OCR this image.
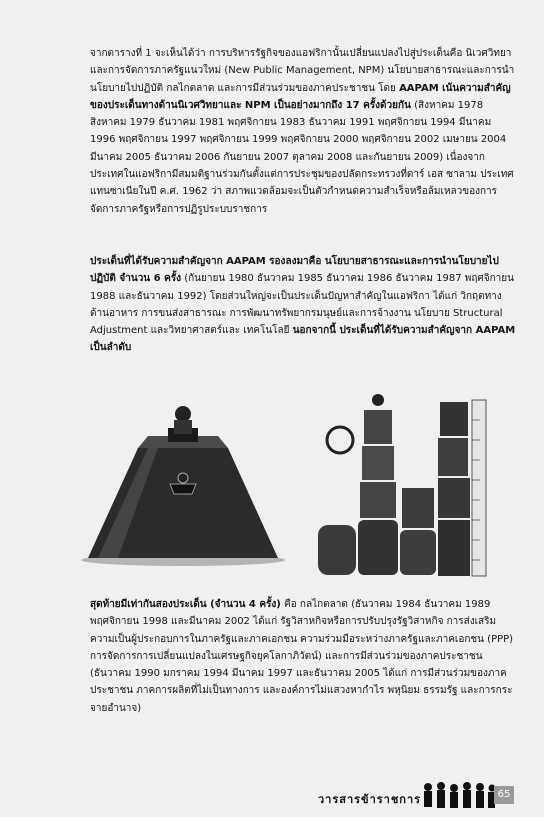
จากตารางที่ 1 จะเห็นได้ว่า การบริหารรัฐกิจของแอฟริกานั้นเปลี่ยนแปลงไปสู่ประเด็นคือ นิเวศวิทยาและการจัดการภาครัฐแนวใหม่ (New Public Management, NPM) นโยบายสาธารณะและการนำนโยบายไปปฏิบัติ กลไกตลาด และการมีส่วนร่วมของภาคประชาชน โดย AAPAM เน้นความสำคัญของประเด็นทางด้านนิเวศวิทยาและ NPM เป็นอย่างมากถึง 17 ครั้งด้วยกัน (สิงหาคม 1978 สิงหาคม 1979 ธันวาคม 1981 พฤศจิกายน 1983 ธันวาคม 1991 พฤศจิกายน 1994 มีนาคม 1996 พฤศจิกายน 1997 พฤศจิกายน 1999 พฤศจิกายน 2000 พฤศจิกายน 2002 เมษายน 2004 มีนาคม 2005 ธันวาคม 2006 กันยายน 2007 ตุลาคม 2008 และกันยายน 2009) เนื่องจากประเทศในแอฟริกามีสมมติฐานร่วมกันตั้งแต่การประชุมของปลัดกระทรวงที่ดาร์ เอส ซาลาม ประเทศแทนซาเนียในปี ค.ศ. 1962 ว่า สภาพแวดล้อมจะเป็นตัวกำหนดความสำเร็จหรือล้มเหลวของการจัดการภาครัฐหรือการปฏิรูประบบราชการ

ประเด็นที่ได้รับความสำคัญจาก AAPAM รองลงมาคือ นโยบายสาธารณะและการนำนโยบายไปปฏิบัติ จำนวน 6 ครั้ง (กันยายน 1980 ธันวาคม 1985 ธันวาคม 1986 ธันวาคม 1987 พฤศจิกายน 1988 และธันวาคม 1992) โดยส่วนใหญ่จะเป็นประเด็นปัญหาสำคัญในแอฟริกา ได้แก่ วิกฤตทางด้านอาหาร การขนส่งสาธารณะ การพัฒนาทรัพยากรมนุษย์และการจ้างงาน นโยบาย Structural Adjustment และวิทยาศาสตร์และ เทคโนโลยี นอกจากนี้ ประเด็นที่ได้รับความสำคัญจาก AAPAM เป็นลำดับ

สุดท้ายมีเท่ากันสองประเด็น (จำนวน 4 ครั้ง) คือ กลไกตลาด (ธันวาคม 1984 ธันวาคม 1989 พฤศจิกายน 1998 และมีนาคม 2002 ได้แก่ รัฐวิสาหกิจหรือการปรับปรุงรัฐวิสาหกิจ การส่งเสริมความเป็นผู้ประกอบการในภาครัฐและภาคเอกชน ความร่วมมือระหว่างภาครัฐและภาคเอกชน (PPP) การจัดการการเปลี่ยนแปลงในเศรษฐกิจยุคโลกาภิวัตน์) และการมีส่วนร่วมของภาคประชาชน (ธันวาคม 1990 มกราคม 1994 มีนาคม 1997 และธันวาคม 2005 ได้แก่ การมีส่วนร่วมของภาคประชาชน ภาคการผลิตที่ไม่เป็นทางการ และองค์การไม่แสวงหากำไร พหุนิยม ธรรมรัฐ และการกระจายอำนาจ)

วารสารข้าราชการ	65
